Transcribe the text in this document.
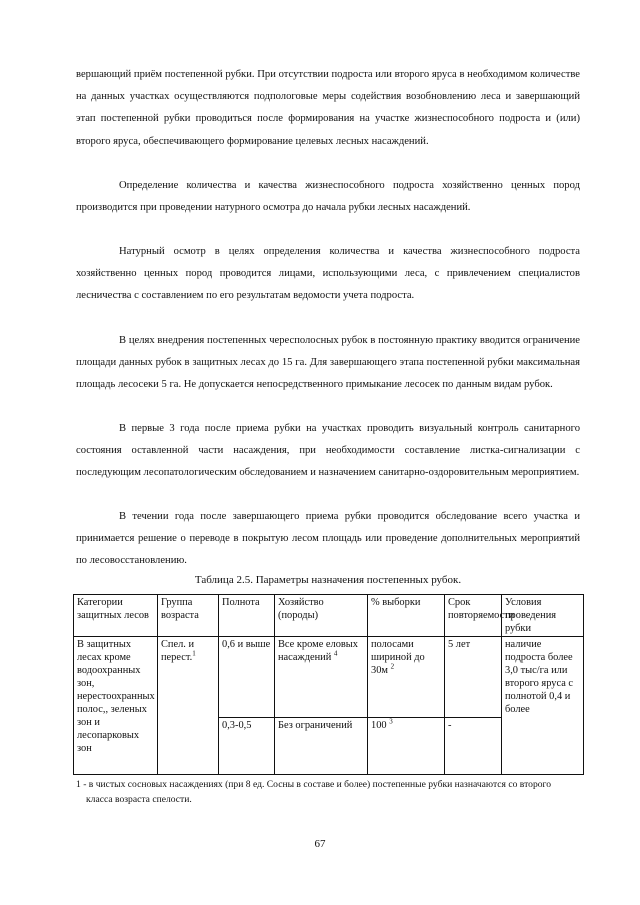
вершающий приём постепенной рубки. При отсутствии подроста или второго яруса в необходимом количестве на данных участках осуществляются подпологовые меры содействия возобновлению леса и завершающий этап постепенной рубки проводиться после формирования на участке жизнеспособного подроста и (или) второго яруса, обеспечивающего формирование целевых лесных насаждений.

Определение количества и качества жизнеспособного подроста хозяйственно ценных пород производится при проведении натурного осмотра до начала рубки лесных насаждений.

Натурный осмотр в целях определения количества и качества жизнеспособного подроста хозяйственно ценных пород проводится лицами, использующими леса, с привлечением специалистов лесничества с составлением по его результатам ведомости учета подроста.

В целях внедрения постепенных чересполосных рубок в постоянную практику вводится ограничение площади данных рубок в защитных лесах до 15 га. Для завершающего этапа постепенной рубки максимальная площадь лесосеки 5 га. Не допускается непосредственного примыкание лесосек по данным видам рубок.

В первые 3 года после приема рубки на участках проводить визуальный контроль санитарного состояния оставленной части насаждения, при необходимости составление листка-сигнализации с последующим лесопатологическим обследованием и назначением санитарно-оздоровительным мероприятием.

В течении года после завершающего приема рубки проводится обследование всего участка и принимается решение о переводе в покрытую лесом площадь или проведение дополнительных мероприятий по лесовосстановлению.

Таблица 2.5. Параметры назначения постепенных рубок.

Категории защитных лесов	Группа возраста	Полнота	Хозяйство (породы)	% выборки	Срок повторяемости	Условия проведения рубки
В защитных лесах кроме водоохранных зон, нерестоохранных полос,, зеленых зон и лесопарковых зон	Спел. и перест.$^1$	0,6 и выше	Все кроме еловых насаждений $^4$	полосами шириной до 30м $^2$	5 лет	наличие подроста более 3,0 тыс/га или второго яруса с полнотой 0,4 и более
		0,3-0,5	Без ограничений	100 $^3$	-	

1 - в чистых сосновых насаждениях (при 8 ед. Сосны в составе и более) постепенные рубки назначаются со второго класса возраста спелости.

67
